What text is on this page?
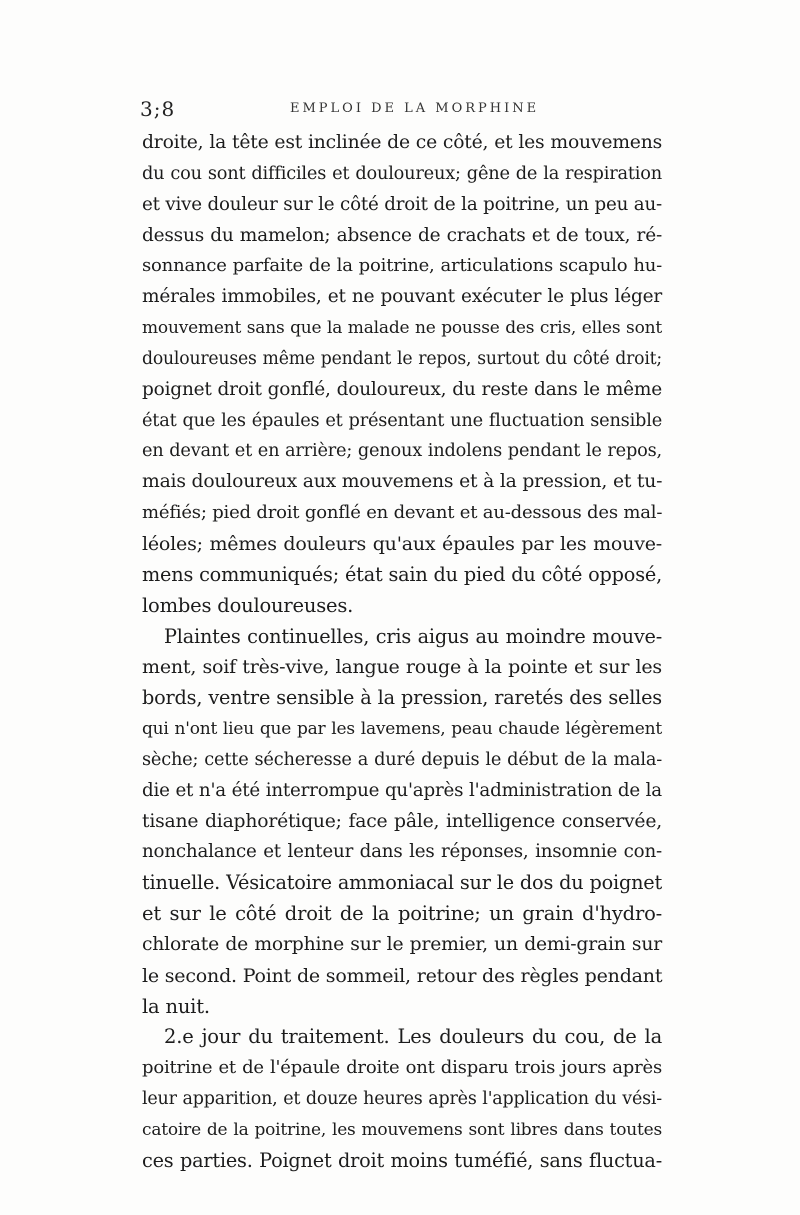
3;8	EMPLOI DE LA MORPHINE
droite, la tête est inclinée de ce côté, et les mouvemens
du cou sont difficiles et douloureux; gêne de la respiration
et vive douleur sur le côté droit de la poitrine, un peu au-
dessus du mamelon; absence de crachats et de toux, ré-
sonnance parfaite de la poitrine, articulations scapulo hu-
mérales immobiles, et ne pouvant exécuter le plus léger
mouvement sans que la malade ne pousse des cris, elles sont
douloureuses même pendant le repos, surtout du côté droit;
poignet droit gonflé, douloureux, du reste dans le même
état que les épaules et présentant une fluctuation sensible
en devant et en arrière; genoux indolens pendant le repos,
mais douloureux aux mouvemens et à la pression, et tu-
méfiés; pied droit gonflé en devant et au-dessous des mal-
léoles; mêmes douleurs qu'aux épaules par les mouve-
mens communiqués; état sain du pied du côté opposé,
lombes douloureuses.
Plaintes continuelles, cris aigus au moindre mouve-
ment, soif très-vive, langue rouge à la pointe et sur les
bords, ventre sensible à la pression, raretés des selles
qui n'ont lieu que par les lavemens, peau chaude légèrement
sèche; cette sécheresse a duré depuis le début de la mala-
die et n'a été interrompue qu'après l'administration de la
tisane diaphorétique; face pâle, intelligence conservée,
nonchalance et lenteur dans les réponses, insomnie con-
tinuelle. Vésicatoire ammoniacal sur le dos du poignet
et sur le côté droit de la poitrine; un grain d'hydro-
chlorate de morphine sur le premier, un demi-grain sur
le second. Point de sommeil, retour des règles pendant
la nuit.
2.e jour du traitement. Les douleurs du cou, de la
poitrine et de l'épaule droite ont disparu trois jours après
leur apparition, et douze heures après l'application du vési-
catoire de la poitrine, les mouvemens sont libres dans toutes
ces parties. Poignet droit moins tuméfié, sans fluctua-
